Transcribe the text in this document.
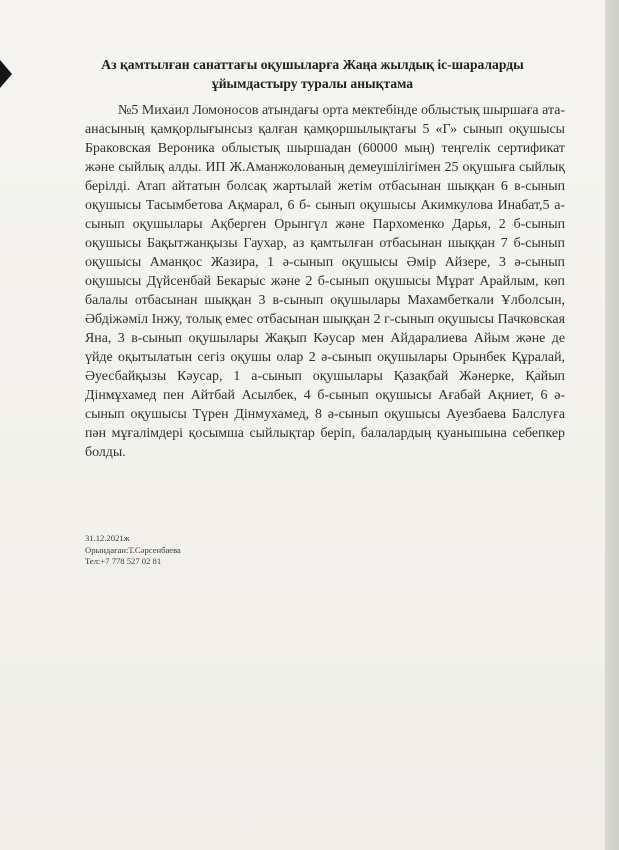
Аз қамтылған санаттағы оқушыларға Жаңа жылдық іс-шараларды
ұйымдастыру туралы анықтама
№5 Михаил Ломоносов атындағы орта мектебінде облыстық шыршаға ата-анасының қамқорлығынсыз қалған қамқоршылықтағы 5 «Г» сынып оқушысы Браковская Вероника облыстық шыршадан (60000 мың) теңгелік сертификат және сыйлық алды. ИП Ж.Аманжолованың демеушілігімен 25 оқушыға сыйлық берілді. Атап айтатын болсақ жартылай жетім отбасынан шыққан 6 в-сынып оқушысы Тасымбетова Ақмарал, 6 б- сынып оқушысы Акимкулова Инабат,5 а-сынып оқушылары Ақберген Орынгүл және Пархоменко Дарья, 2 б-сынып оқушысы Бақытжанқызы Гаухар, аз қамтылған отбасынан шыққан 7 б-сынып оқушысы Аманқос Жазира, 1 ә-сынып оқушысы Әмір Айзере, 3 ә-сынып оқушысы Дүйсенбай Бекарыс және 2 б-сынып оқушысы Мұрат Арайлым, көп балалы отбасынан шыққан 3 в-сынып оқушылары Махамбеткали Ұлболсын, Әбдіжәміл Інжу, толық емес отбасынан шыққан 2 г-сынып оқушысы Пачковская Яна, 3 в-сынып оқушылары Жақып Кәусар мен Айдаралиева Айым және де үйде оқытылатын сегіз оқушы олар 2 ә-сынып оқушылары Орынбек Құралай, Әуесбайқызы Кәусар, 1 а-сынып оқушылары Қазақбай Жәнерке, Қайып Дінмұхамед пен Айтбай Асылбек, 4 б-сынып оқушысы Ағабай Ақниет, 6 ә-сынып оқушысы Түрен Дінмухамед, 8 ә-сынып оқушысы Ауезбаева Балслуға пән мұғалімдері қосымша сыйлықтар беріп, балалардың қуанышына себепкер болды.
31.12.2021ж
Орындаған:Т.Сәрсенбаева
Тел:+7 778 527 02 81
